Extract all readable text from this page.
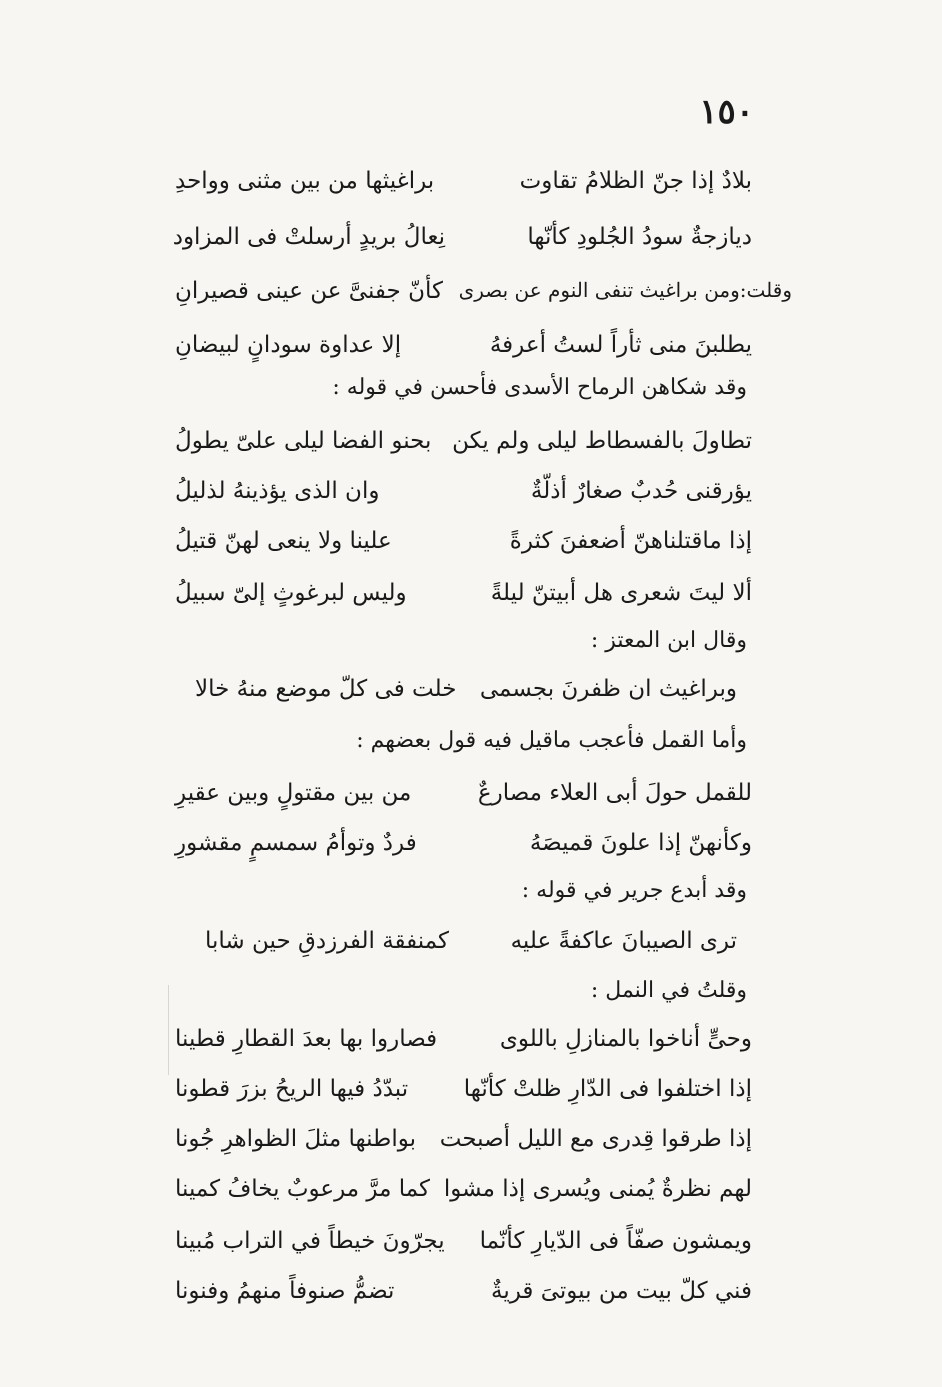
١٥٠
بلادٌ إذا جنّ الظلامُ تقاوت
براغيثها من بين مثنى وواحدِ
ديازجةٌ سودُ الجُلودِ كأنّها
نِعالُ بريدٍ أرسلتْ فى المزاود
وقلت:ومن براغيث تنفى النوم عن بصرى
كأنّ جفنىَّ عن عينى قصيرانِ
يطلبنَ منى ثأراً لستُ أعرفهُ
إلا عداوة سودانٍ لبيضانِ
وقد شكاهن الرماح الأسدى فأحسن في قوله :
تطاولَ بالفسطاط ليلى ولم يكن
بحنو الفضا ليلى علىّ يطولُ
يؤرقنى حُدبٌ صغارٌ أذلّةٌ
وان الذى يؤذينهُ لذليلُ
إذا ماقتلناهنّ أضعفنَ كثرةً
علينا ولا ينعى لهنّ قتيلُ
ألا ليتَ شعرى هل أبيتنّ ليلةً
وليس لبرغوثٍ إلىّ سبيلُ
وقال ابن المعتز :
وبراغيث ان ظفرنَ بجسمى
خلت فى كلّ موضع منهُ خالا
وأما القمل فأعجب ماقيل فيه قول بعضهم :
للقمل حولَ أبى العلاء مصارعٌ
من بين مقتولٍ وبين عقيرِ
وكأنهنّ إذا علونَ قميصَهُ
فردٌ وتوأمُ سمسمٍ مقشورِ
وقد أبدع جرير في قوله :
ترى الصيبانَ عاكفةً عليه
كمنفقة الفرزدقِ حين شابا
وقلتُ في النمل :
وحىٍّ أناخوا بالمنازلِ باللوى
فصاروا بها بعدَ القطارِ قطينا
إذا اختلفوا فى الدّارِ ظلتْ كأنّها
تبدّدُ فيها الريحُ بزرَ قطونا
إذا طرقوا قِدرى مع الليل أصبحت
بواطنها مثلَ الظواهرِ جُونا
لهم نظرةٌ يُمنى ويُسرى إذا مشوا
كما مرَّ مرعوبٌ يخافُ كمينا
ويمشون صفّاً فى الدّيارِ كأنّما
يجرّونَ خيطاً في التراب مُبينا
فني كلّ بيت من بيوتىَ قريةٌ
تضمُّ صنوفاً منهمُ وفنونا
